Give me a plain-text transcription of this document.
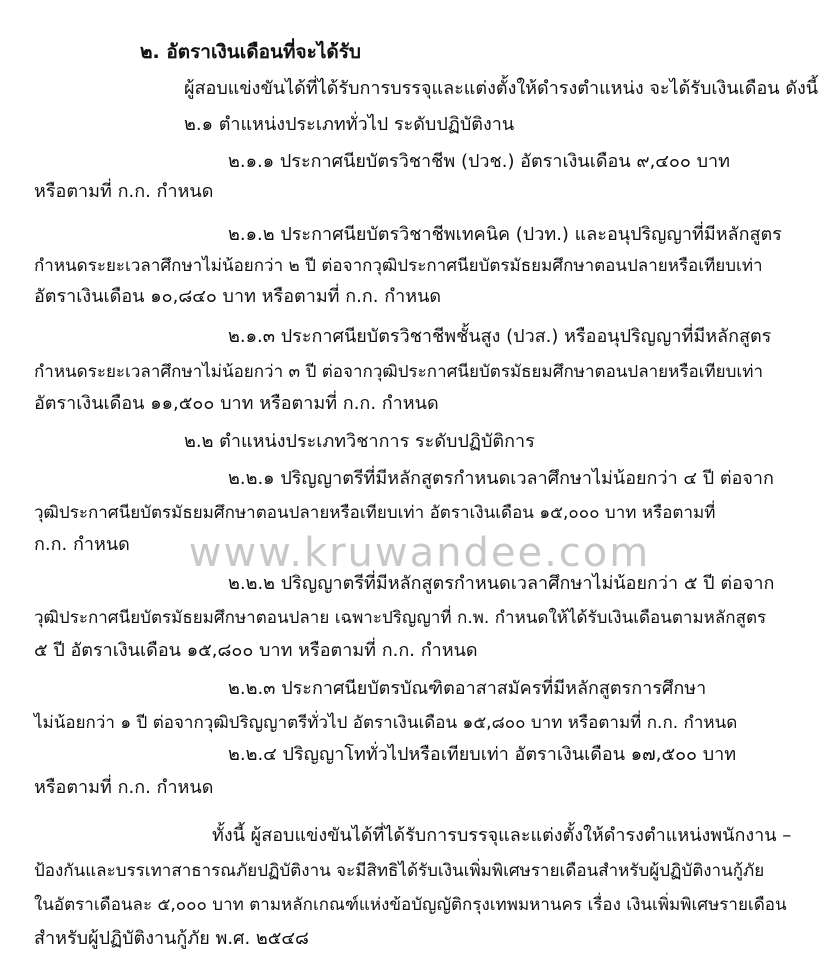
๒. อัตราเงินเดือนที่จะได้รับ
ผู้สอบแข่งขันได้ที่ได้รับการบรรจุและแต่งตั้งให้ดำรงตำแหน่ง จะได้รับเงินเดือน ดังนี้
๒.๑ ตำแหน่งประเภททั่วไป ระดับปฏิบัติงาน
๒.๑.๑ ประกาศนียบัตรวิชาชีพ (ปวช.) อัตราเงินเดือน ๙,๔๐๐ บาท
หรือตามที่ ก.ก. กำหนด
๒.๑.๒ ประกาศนียบัตรวิชาชีพเทคนิค (ปวท.) และอนุปริญญาที่มีหลักสูตร
กำหนดระยะเวลาศึกษาไม่น้อยกว่า ๒ ปี ต่อจากวุฒิประกาศนียบัตรมัธยมศึกษาตอนปลายหรือเทียบเท่า
อัตราเงินเดือน ๑๐,๘๔๐ บาท หรือตามที่ ก.ก. กำหนด
๒.๑.๓ ประกาศนียบัตรวิชาชีพชั้นสูง (ปวส.) หรืออนุปริญญาที่มีหลักสูตร
กำหนดระยะเวลาศึกษาไม่น้อยกว่า ๓ ปี ต่อจากวุฒิประกาศนียบัตรมัธยมศึกษาตอนปลายหรือเทียบเท่า
อัตราเงินเดือน ๑๑,๕๐๐ บาท หรือตามที่ ก.ก. กำหนด
๒.๒ ตำแหน่งประเภทวิชาการ ระดับปฏิบัติการ
๒.๒.๑ ปริญญาตรีที่มีหลักสูตรกำหนดเวลาศึกษาไม่น้อยกว่า ๔ ปี ต่อจาก
วุฒิประกาศนียบัตรมัธยมศึกษาตอนปลายหรือเทียบเท่า อัตราเงินเดือน ๑๕,๐๐๐ บาท หรือตามที่
ก.ก. กำหนด	www.kruwandee.com
๒.๒.๒ ปริญญาตรีที่มีหลักสูตรกำหนดเวลาศึกษาไม่น้อยกว่า ๕ ปี ต่อจาก
วุฒิประกาศนียบัตรมัธยมศึกษาตอนปลาย เฉพาะปริญญาที่ ก.พ. กำหนดให้ได้รับเงินเดือนตามหลักสูตร
๕ ปี อัตราเงินเดือน ๑๕,๘๐๐ บาท หรือตามที่ ก.ก. กำหนด
๒.๒.๓ ประกาศนียบัตรบัณฑิตอาสาสมัครที่มีหลักสูตรการศึกษา
ไม่น้อยกว่า ๑ ปี ต่อจากวุฒิปริญญาตรีทั่วไป อัตราเงินเดือน ๑๕,๘๐๐ บาท หรือตามที่ ก.ก. กำหนด
๒.๒.๔ ปริญญาโททั่วไปหรือเทียบเท่า อัตราเงินเดือน ๑๗,๕๐๐ บาท
หรือตามที่ ก.ก. กำหนด
ทั้งนี้ ผู้สอบแข่งขันได้ที่ได้รับการบรรจุและแต่งตั้งให้ดำรงตำแหน่งพนักงาน –
ป้องกันและบรรเทาสาธารณภัยปฏิบัติงาน จะมีสิทธิได้รับเงินเพิ่มพิเศษรายเดือนสำหรับผู้ปฏิบัติงานกู้ภัย
ในอัตราเดือนละ ๕,๐๐๐ บาท ตามหลักเกณฑ์แห่งข้อบัญญัติกรุงเทพมหานคร เรื่อง เงินเพิ่มพิเศษรายเดือน
สำหรับผู้ปฏิบัติงานกู้ภัย พ.ศ. ๒๕๔๘
